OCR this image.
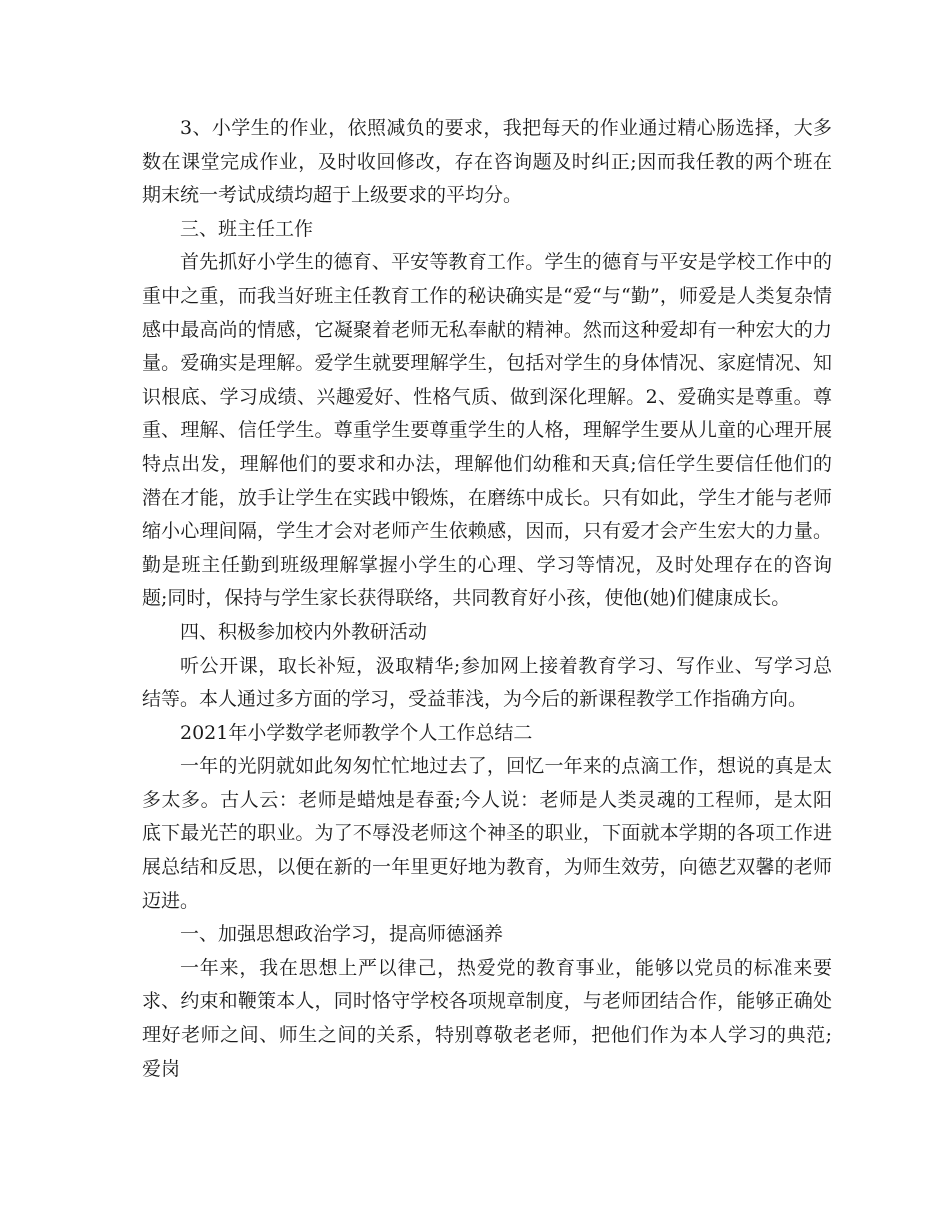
3、小学生的作业，依照减负的要求，我把每天的作业通过精心肠选择，大多数在课堂完成作业，及时收回修改，存在咨询题及时纠正;因而我任教的两个班在期末统一考试成绩均超于上级要求的平均分。

三、班主任工作

首先抓好小学生的德育、平安等教育工作。学生的德育与平安是学校工作中的重中之重，而我当好班主任教育工作的秘诀确实是“爱“与“勤”，师爱是人类复杂情感中最高尚的情感，它凝聚着老师无私奉献的精神。然而这种爱却有一种宏大的力量。爱确实是理解。爱学生就要理解学生，包括对学生的身体情况、家庭情况、知识根底、学习成绩、兴趣爱好、性格气质、做到深化理解。2、爱确实是尊重。尊重、理解、信任学生。尊重学生要尊重学生的人格，理解学生要从儿童的心理开展特点出发，理解他们的要求和办法，理解他们幼稚和天真;信任学生要信任他们的潜在才能，放手让学生在实践中锻炼，在磨练中成长。只有如此，学生才能与老师缩小心理间隔，学生才会对老师产生依赖感，因而，只有爱才会产生宏大的力量。勤是班主任勤到班级理解掌握小学生的心理、学习等情况，及时处理存在的咨询题;同时，保持与学生家长获得联络，共同教育好小孩，使他(她)们健康成长。

四、积极参加校内外教研活动

听公开课，取长补短，汲取精华;参加网上接着教育学习、写作业、写学习总结等。本人通过多方面的学习，受益菲浅，为今后的新课程教学工作指确方向。

2021年小学数学老师教学个人工作总结二

一年的光阴就如此匆匆忙忙地过去了，回忆一年来的点滴工作，想说的真是太多太多。古人云：老师是蜡烛是春蚕;今人说：老师是人类灵魂的工程师，是太阳底下最光芒的职业。为了不辱没老师这个神圣的职业，下面就本学期的各项工作进展总结和反思，以便在新的一年里更好地为教育，为师生效劳，向德艺双馨的老师迈进。

一、加强思想政治学习，提高师德涵养

一年来，我在思想上严以律己，热爱党的教育事业，能够以党员的标准来要求、约束和鞭策本人，同时恪守学校各项规章制度，与老师团结合作，能够正确处理好老师之间、师生之间的关系，特别尊敬老老师，把他们作为本人学习的典范;爱岗
